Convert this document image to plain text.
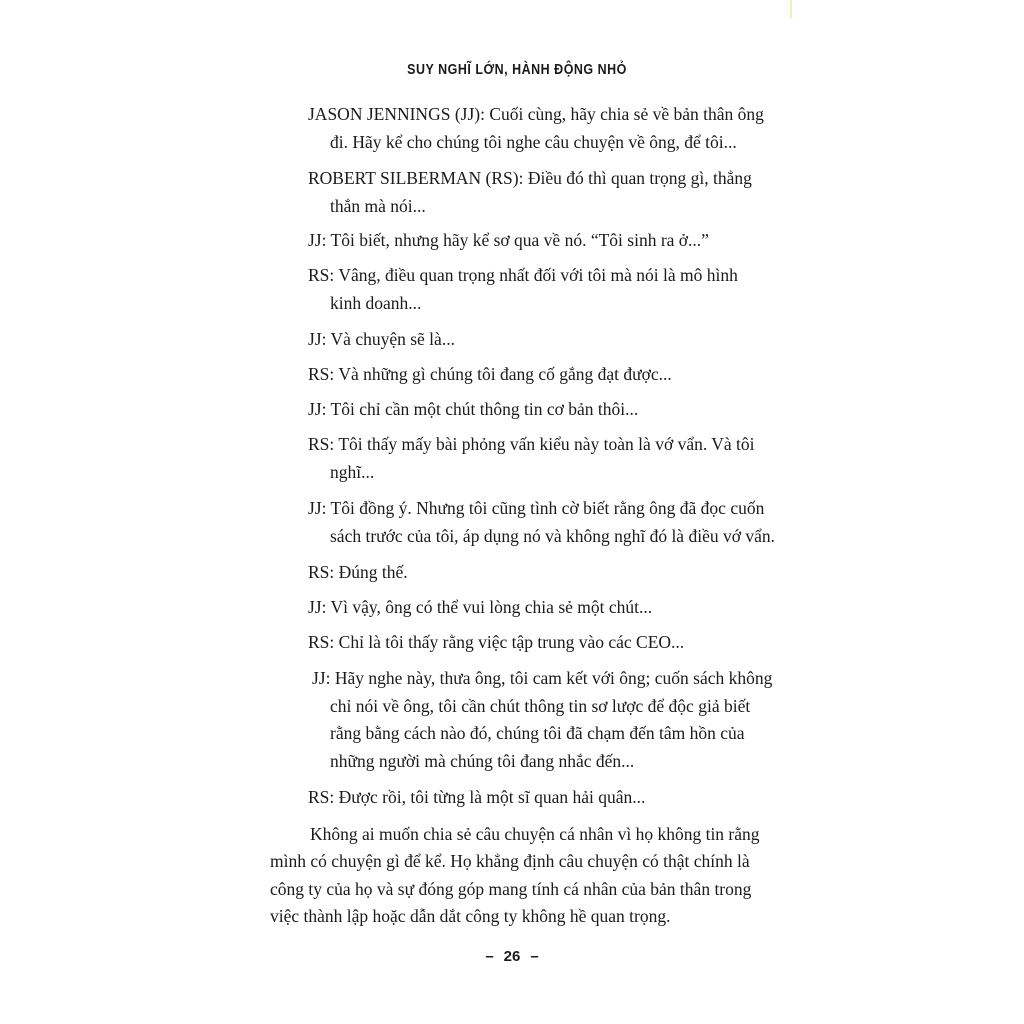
SUY NGHĨ LỚN, HÀNH ĐỘNG NHỎ
JASON JENNINGS (JJ): Cuối cùng, hãy chia sẻ về bản thân ông
đi. Hãy kể cho chúng tôi nghe câu chuyện về ông, để tôi...
ROBERT SILBERMAN (RS): Điều đó thì quan trọng gì, thẳng
thắn mà nói...
JJ: Tôi biết, nhưng hãy kể sơ qua về nó. “Tôi sinh ra ở...”
RS: Vâng, điều quan trọng nhất đối với tôi mà nói là mô hình
kinh doanh...
JJ: Và chuyện sẽ là...
RS: Và những gì chúng tôi đang cố gắng đạt được...
JJ: Tôi chỉ cần một chút thông tin cơ bản thôi...
RS: Tôi thấy mấy bài phỏng vấn kiểu này toàn là vớ vẩn. Và tôi
nghĩ...
JJ: Tôi đồng ý. Nhưng tôi cũng tình cờ biết rằng ông đã đọc cuốn
sách trước của tôi, áp dụng nó và không nghĩ đó là điều vớ vẩn.
RS: Đúng thế.
JJ: Vì vậy, ông có thể vui lòng chia sẻ một chút...
RS: Chỉ là tôi thấy rằng việc tập trung vào các CEO...
JJ: Hãy nghe này, thưa ông, tôi cam kết với ông; cuốn sách không
chỉ nói về ông, tôi cần chút thông tin sơ lược để độc giả biết
rằng bằng cách nào đó, chúng tôi đã chạm đến tâm hồn của
những người mà chúng tôi đang nhắc đến...
RS: Được rồi, tôi từng là một sĩ quan hải quân...
Không ai muốn chia sẻ câu chuyện cá nhân vì họ không tin rằng
mình có chuyện gì để kể. Họ khẳng định câu chuyện có thật chính là
công ty của họ và sự đóng góp mang tính cá nhân của bản thân trong
việc thành lập hoặc dẫn dắt công ty không hề quan trọng.
– 26 –
